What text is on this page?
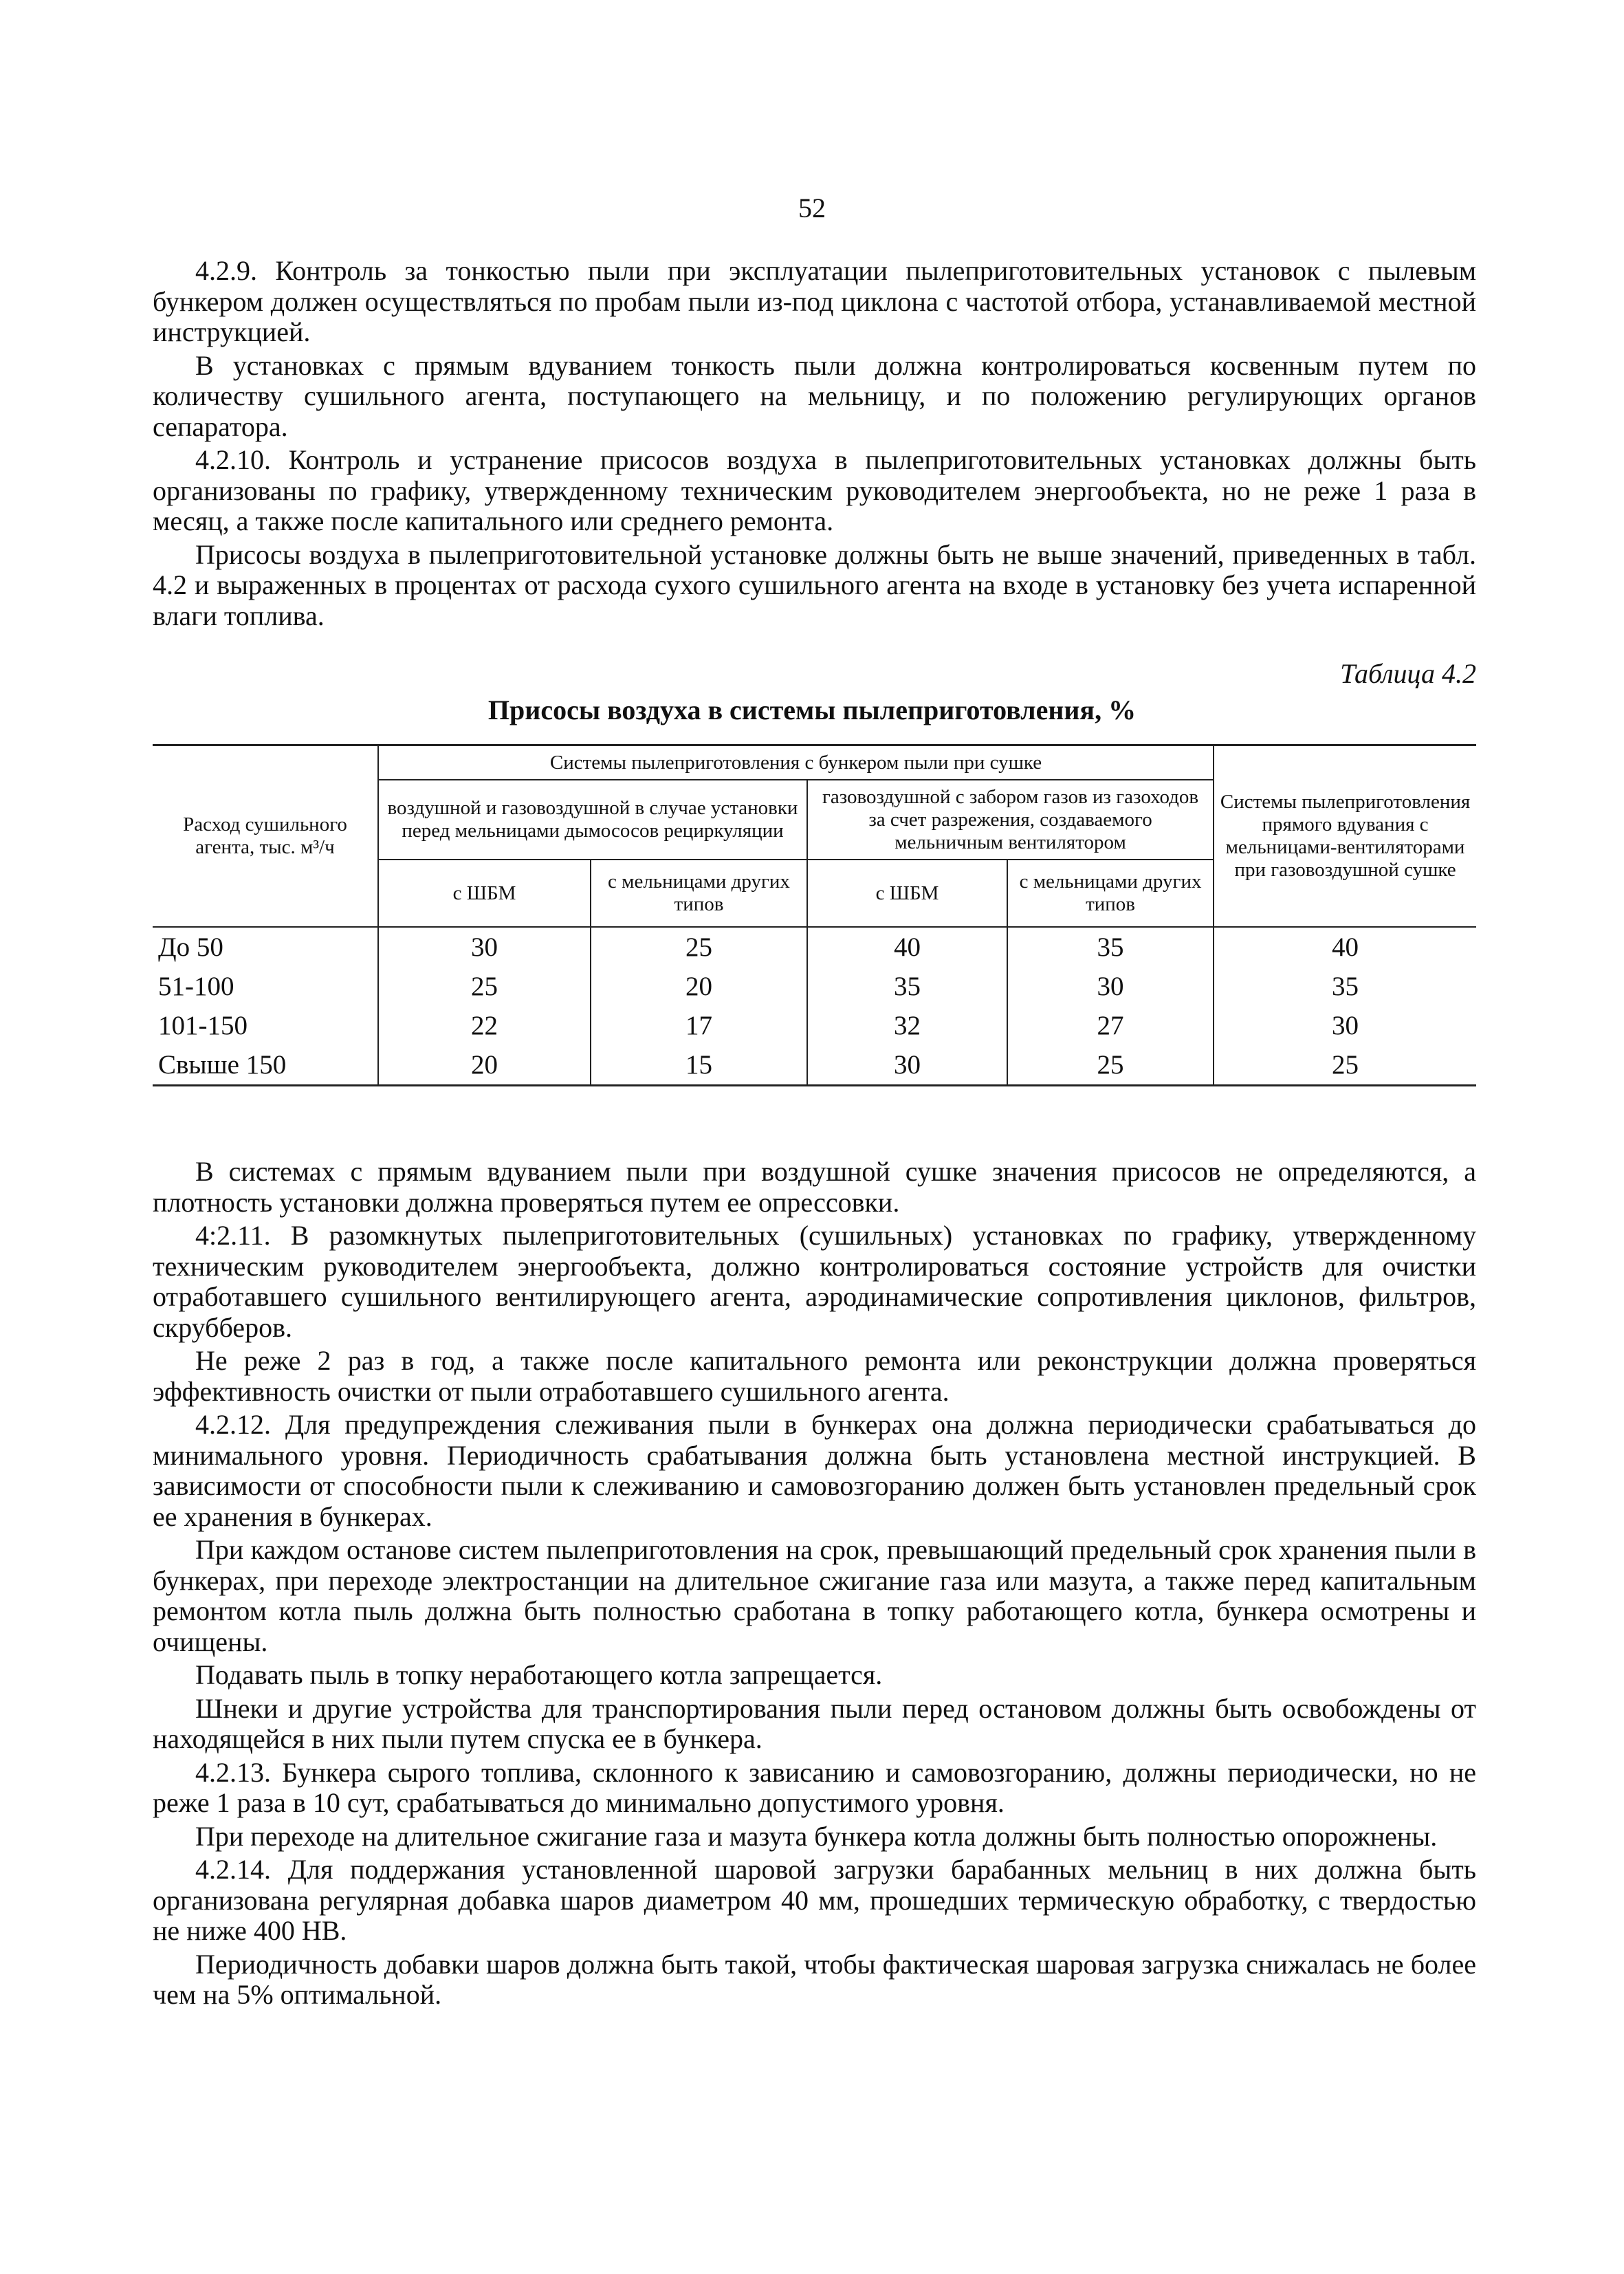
52

4.2.9. Контроль за тонкостью пыли при эксплуатации пылеприготовительных установок с пылевым бункером должен осуществляться по пробам пыли из-под циклона с частотой отбора, устанавливаемой местной инструкцией.

В установках с прямым вдуванием тонкость пыли должна контролироваться косвенным путем по количеству сушильного агента, поступающего на мельницу, и по положению регулирующих органов сепаратора.

4.2.10. Контроль и устранение присосов воздуха в пылеприготовительных установках должны быть организованы по графику, утвержденному техническим руководителем энергообъекта, но не реже 1 раза в месяц, а также после капитального или среднего ремонта.

Присосы воздуха в пылеприготовительной установке должны быть не выше значений, приведенных в табл. 4.2 и выраженных в процентах от расхода сухого сушильного агента на входе в установку без учета испаренной влаги топлива.

Таблица 4.2
Присосы воздуха в системы пылеприготовления, %
Расход сушильного агента, тыс. м³/ч	Системы пылеприготовления с бункером пыли при сушке				Системы пылеприготовления прямого вдувания с мельницами-вентиляторами при газовоздушной сушке
	воздушной и газовоздушной в случае установки перед мельницами дымососов рециркуляции		газовоздушной с забором газов из газоходов за счет разрежения, создаваемого мельничным вентилятором		
	с ШБМ	с мельницами других типов	с ШБМ	с мельницами других типов	
До 50	30	25	40	35	40
51-100	25	20	35	30	35
101-150	22	17	32	27	30
Свыше 150	20	15	30	25	25

В системах с прямым вдуванием пыли при воздушной сушке значения присосов не определяются, а плотность установки должна проверяться путем ее опрессовки.

4:2.11. В разомкнутых пылеприготовительных (сушильных) установках по графику, утвержденному техническим руководителем энергообъекта, должно контролироваться состояние устройств для очистки отработавшего сушильного вентилирующего агента, аэродинамические сопротивления циклонов, фильтров, скрубберов.

Не реже 2 раз в год, а также после капитального ремонта или реконструкции должна проверяться эффективность очистки от пыли отработавшего сушильного агента.

4.2.12. Для предупреждения слеживания пыли в бункерах она должна периодически срабатываться до минимального уровня. Периодичность срабатывания должна быть установлена местной инструкцией. В зависимости от способности пыли к слеживанию и самовозгоранию должен быть установлен предельный срок ее хранения в бункерах.

При каждом останове систем пылеприготовления на срок, превышающий предельный срок хранения пыли в бункерах, при переходе электростанции на длительное сжигание газа или мазута, а также перед капитальным ремонтом котла пыль должна быть полностью сработана в топку работающего котла, бункера осмотрены и очищены.

Подавать пыль в топку неработающего котла запрещается.

Шнеки и другие устройства для транспортирования пыли перед остановом должны быть освобождены от находящейся в них пыли путем спуска ее в бункера.

4.2.13. Бункера сырого топлива, склонного к зависанию и самовозгоранию, должны периодически, но не реже 1 раза в 10 сут, срабатываться до минимально допустимого уровня.

При переходе на длительное сжигание газа и мазута бункера котла должны быть полностью опорожнены.

4.2.14. Для поддержания установленной шаровой загрузки барабанных мельниц в них должна быть организована регулярная добавка шаров диаметром 40 мм, прошедших термическую обработку, с твердостью не ниже 400 НВ.

Периодичность добавки шаров должна быть такой, чтобы фактическая шаровая загрузка снижалась не более чем на 5% оптимальной.
